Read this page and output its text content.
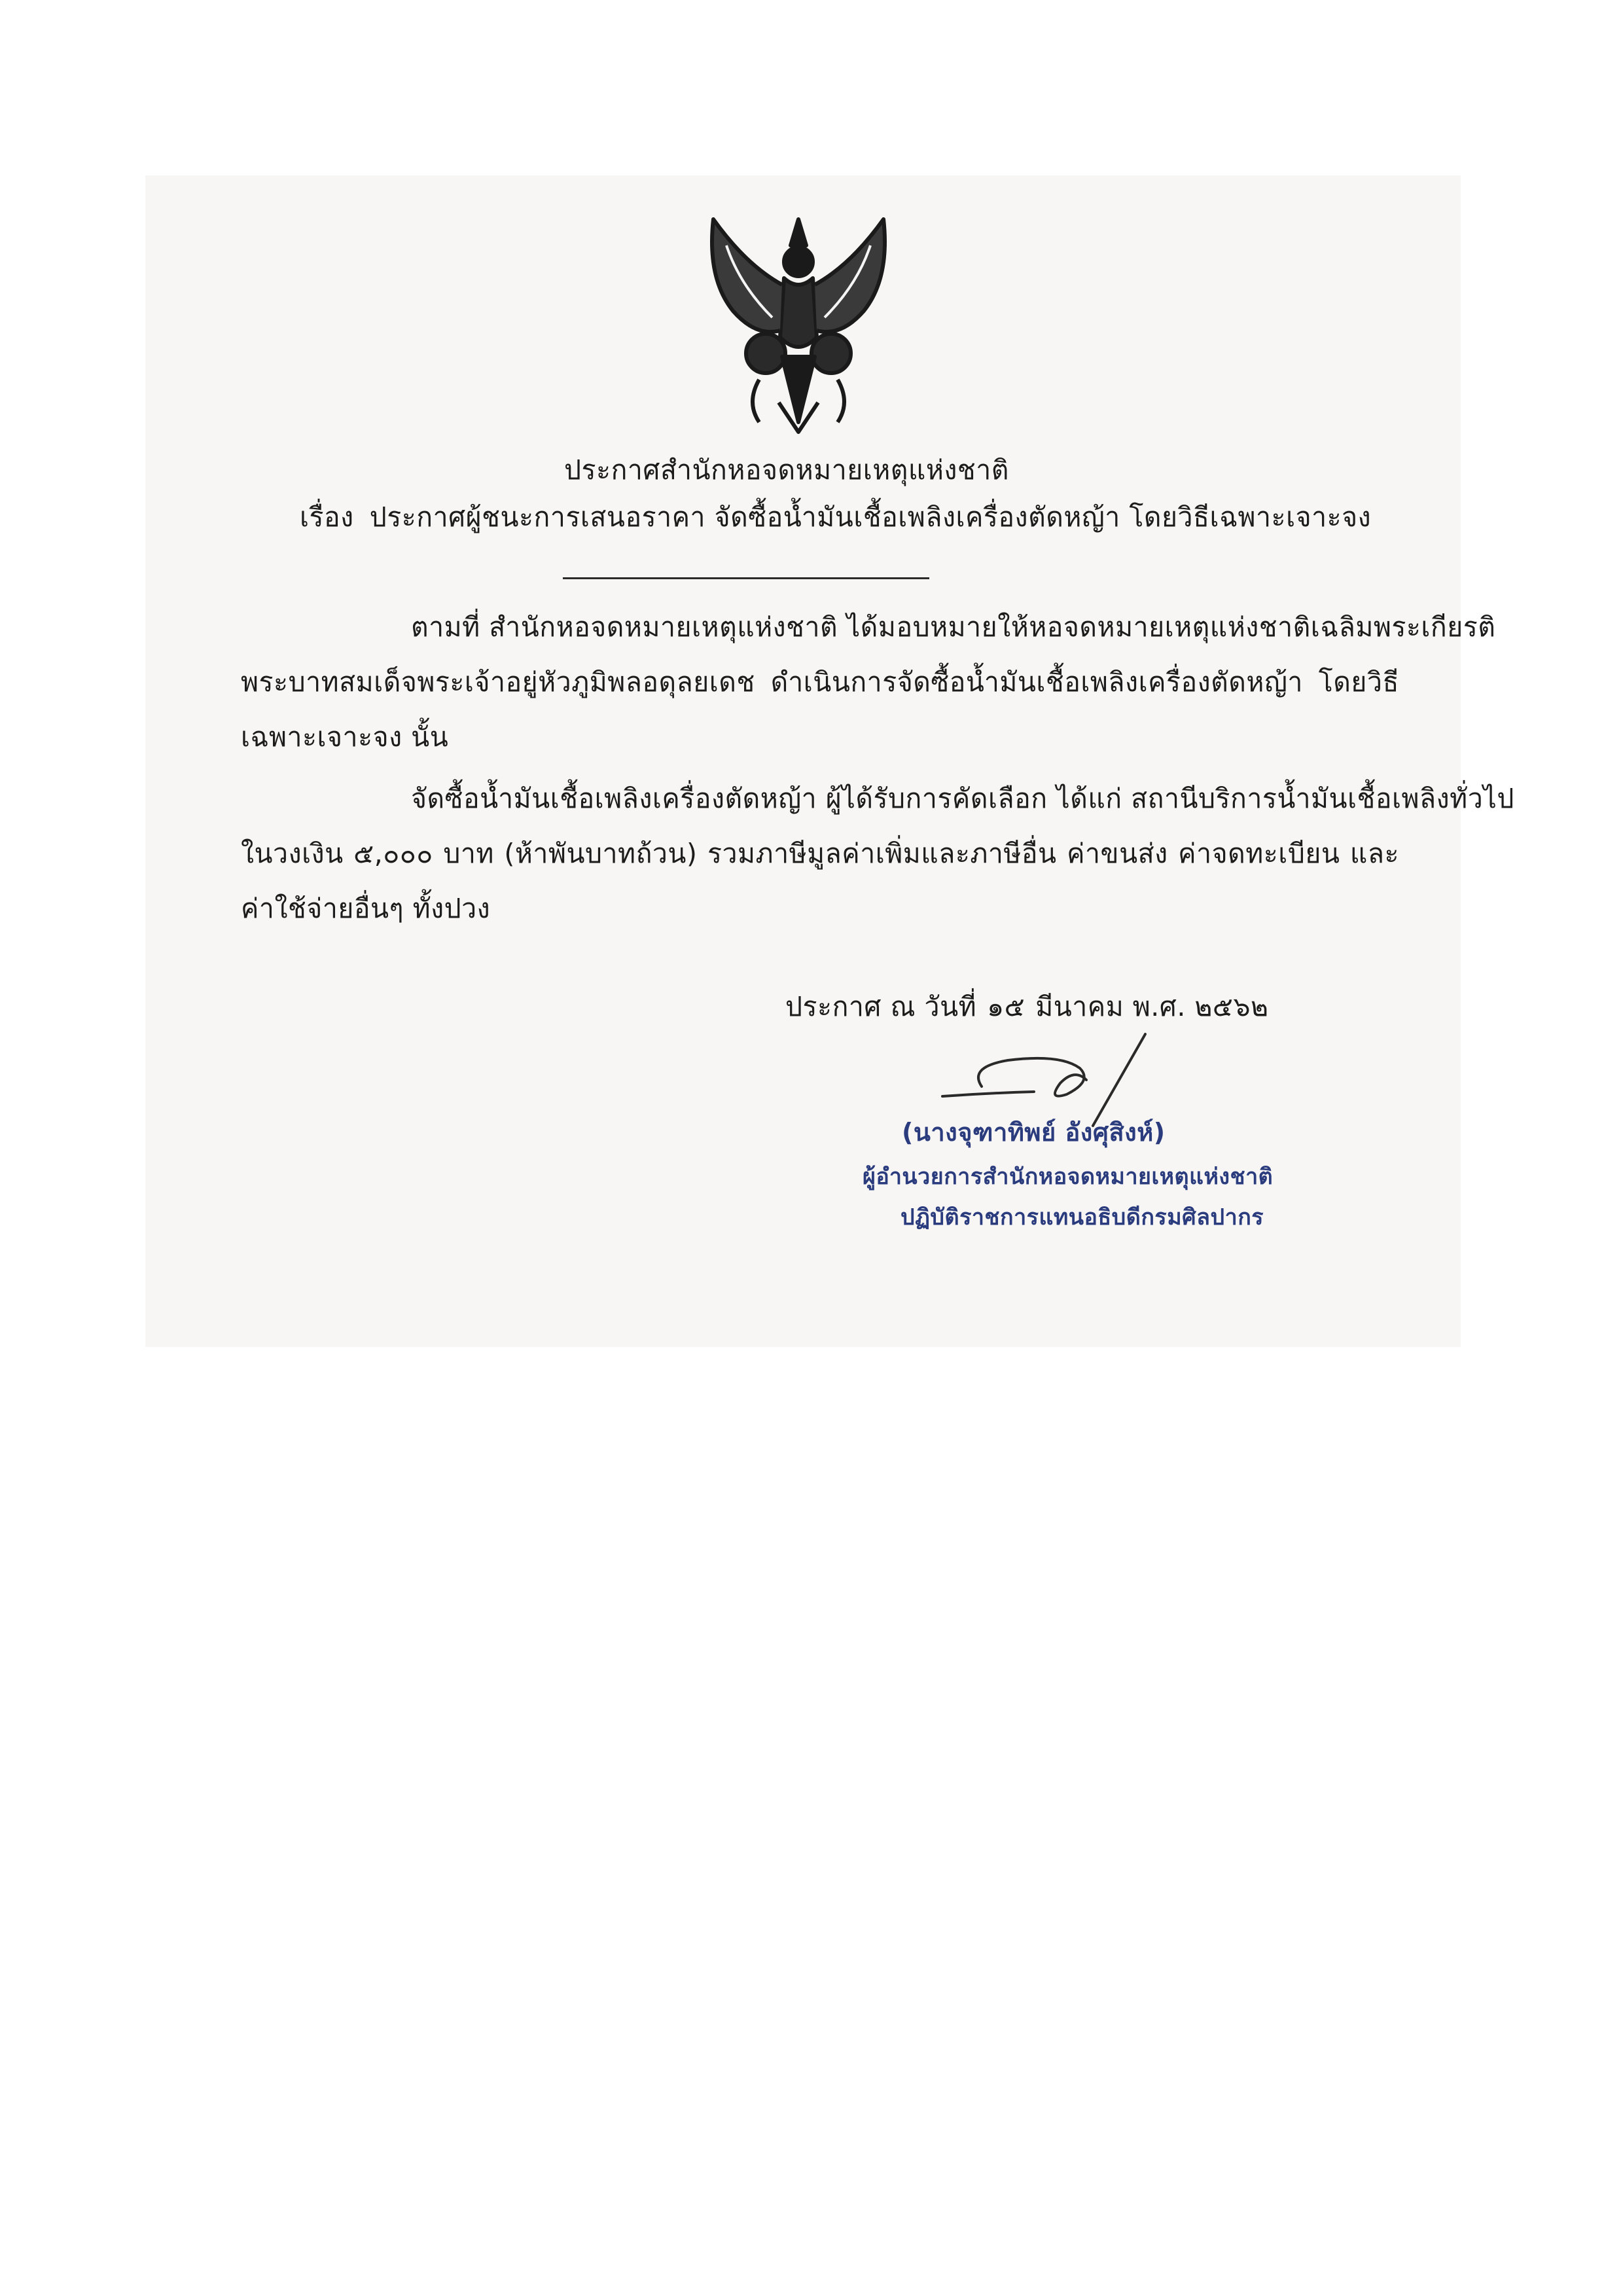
ประกาศสำนักหอจดหมายเหตุแห่งชาติ
เรื่อง ประกาศผู้ชนะการเสนอราคา จัดซื้อน้ำมันเชื้อเพลิงเครื่องตัดหญ้า โดยวิธีเฉพาะเจาะจง
ตามที่ สำนักหอจดหมายเหตุแห่งชาติ ได้มอบหมายให้หอจดหมายเหตุแห่งชาติเฉลิมพระเกียรติ
พระบาทสมเด็จพระเจ้าอยู่หัวภูมิพลอดุลยเดช ดำเนินการจัดซื้อน้ำมันเชื้อเพลิงเครื่องตัดหญ้า โดยวิธี
เฉพาะเจาะจง นั้น
จัดซื้อน้ำมันเชื้อเพลิงเครื่องตัดหญ้า ผู้ได้รับการคัดเลือก ได้แก่ สถานีบริการน้ำมันเชื้อเพลิงทั่วไป
ในวงเงิน ๕,๐๐๐ บาท (ห้าพันบาทถ้วน) รวมภาษีมูลค่าเพิ่มและภาษีอื่น ค่าขนส่ง ค่าจดทะเบียน และ
ค่าใช้จ่ายอื่นๆ ทั้งปวง
ประกาศ ณ วันที่ ๑๕ มีนาคม พ.ศ. ๒๕๖๒
(นางจุฑาทิพย์ อังศุสิงห์)
ผู้อำนวยการสำนักหอจดหมายเหตุแห่งชาติ
ปฏิบัติราชการแทนอธิบดีกรมศิลปากร
